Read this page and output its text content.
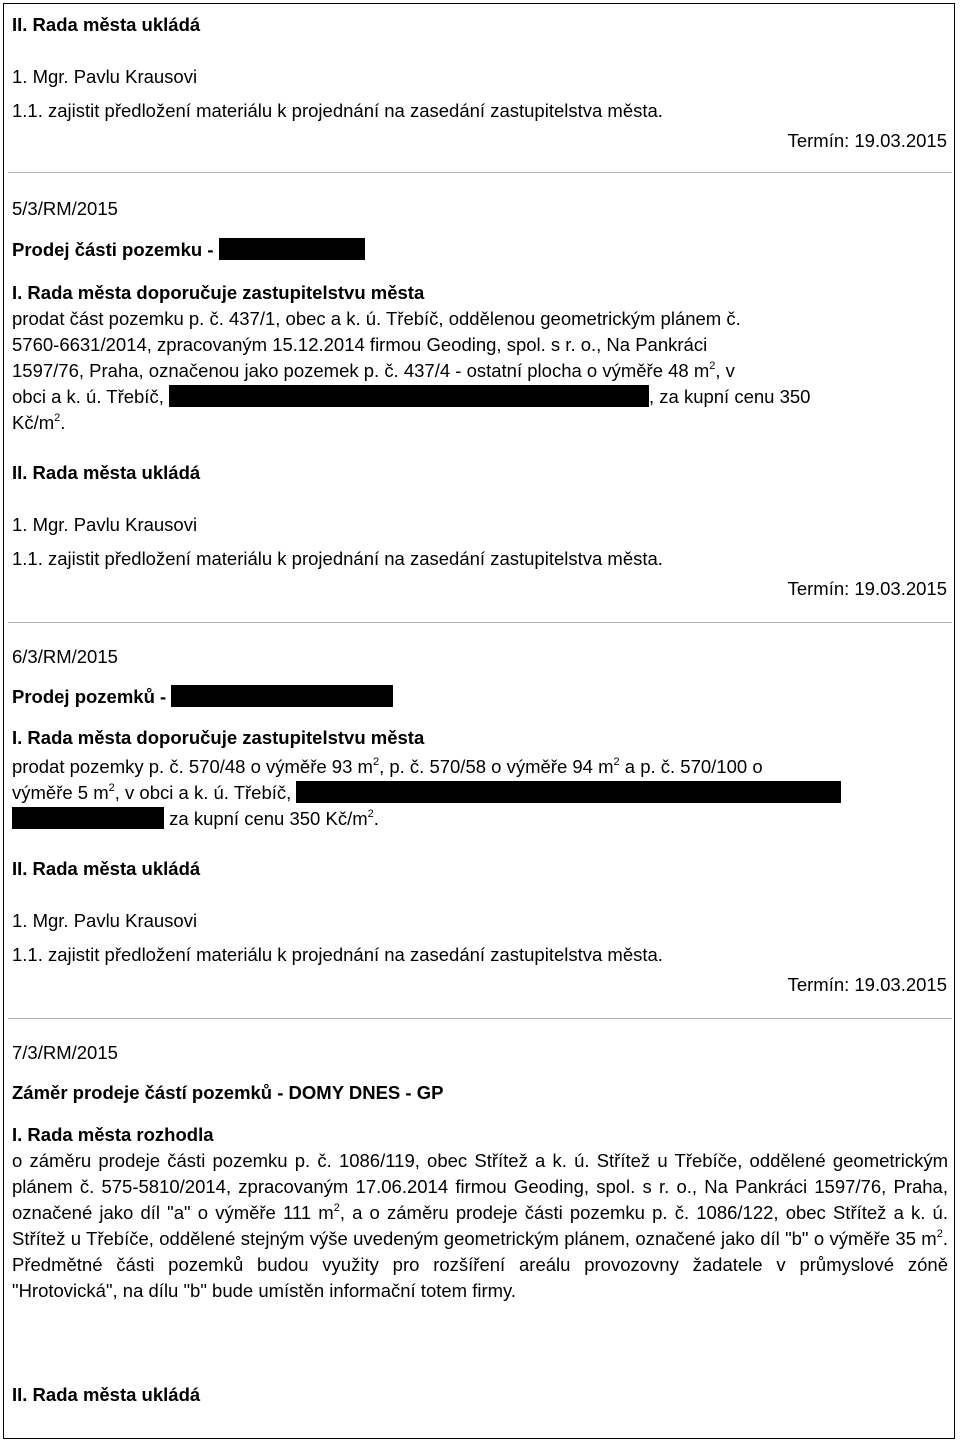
II. Rada města ukládá
1. Mgr. Pavlu Krausovi
1.1. zajistit předložení materiálu k projednání na zasedání zastupitelstva města.
Termín: 19.03.2015
5/3/RM/2015
Prodej části pozemku -
I. Rada města doporučuje zastupitelstvu města
prodat část pozemku p. č. 437/1, obec a k. ú. Třebíč, oddělenou geometrickým plánem č.
5760-6631/2014, zpracovaným 15.12.2014 firmou Geoding, spol. s r. o., Na Pankráci
1597/76, Praha, označenou jako pozemek p. č. 437/4 - ostatní plocha o výměře 48 $m^2$, v
obci a k. ú. Třebíč,	, za kupní cenu 350
$Kč/m^2$.
II. Rada města ukládá
1. Mgr. Pavlu Krausovi
1.1. zajistit předložení materiálu k projednání na zasedání zastupitelstva města.
Termín: 19.03.2015
6/3/RM/2015
Prodej pozemků -
I. Rada města doporučuje zastupitelstvu města
prodat pozemky p. č. 570/48 o výměře 93 $m^2$, p. č. 570/58 o výměře 94 $m^2$ a p. č. 570/100 o
výměře 5 $m^2$, v obci a k. ú. Třebíč,
za kupní cenu 350 $Kč/m^2$.
II. Rada města ukládá
1. Mgr. Pavlu Krausovi
1.1. zajistit předložení materiálu k projednání na zasedání zastupitelstva města.
Termín: 19.03.2015
7/3/RM/2015
Záměr prodeje částí pozemků - DOMY DNES - GP
I. Rada města rozhodla
o záměru prodeje části pozemku p. č. 1086/119, obec Střítež a k. ú. Střítež u Třebíče, oddělené geometrickým plánem č. 575-5810/2014, zpracovaným 17.06.2014 firmou Geoding, spol. s r. o., Na Pankráci 1597/76, Praha, označené jako díl "a" o výměře 111 $m^2$, a o záměru prodeje části pozemku p. č. 1086/122, obec Střítež a k. ú. Střítež u Třebíče, oddělené stejným výše uvedeným geometrickým plánem, označené jako díl "b" o výměře 35 $m^2$. Předmětné části pozemků budou využity pro rozšíření areálu provozovny žadatele v průmyslové zóně "Hrotovická", na dílu "b" bude umístěn informační totem firmy.
II. Rada města ukládá
